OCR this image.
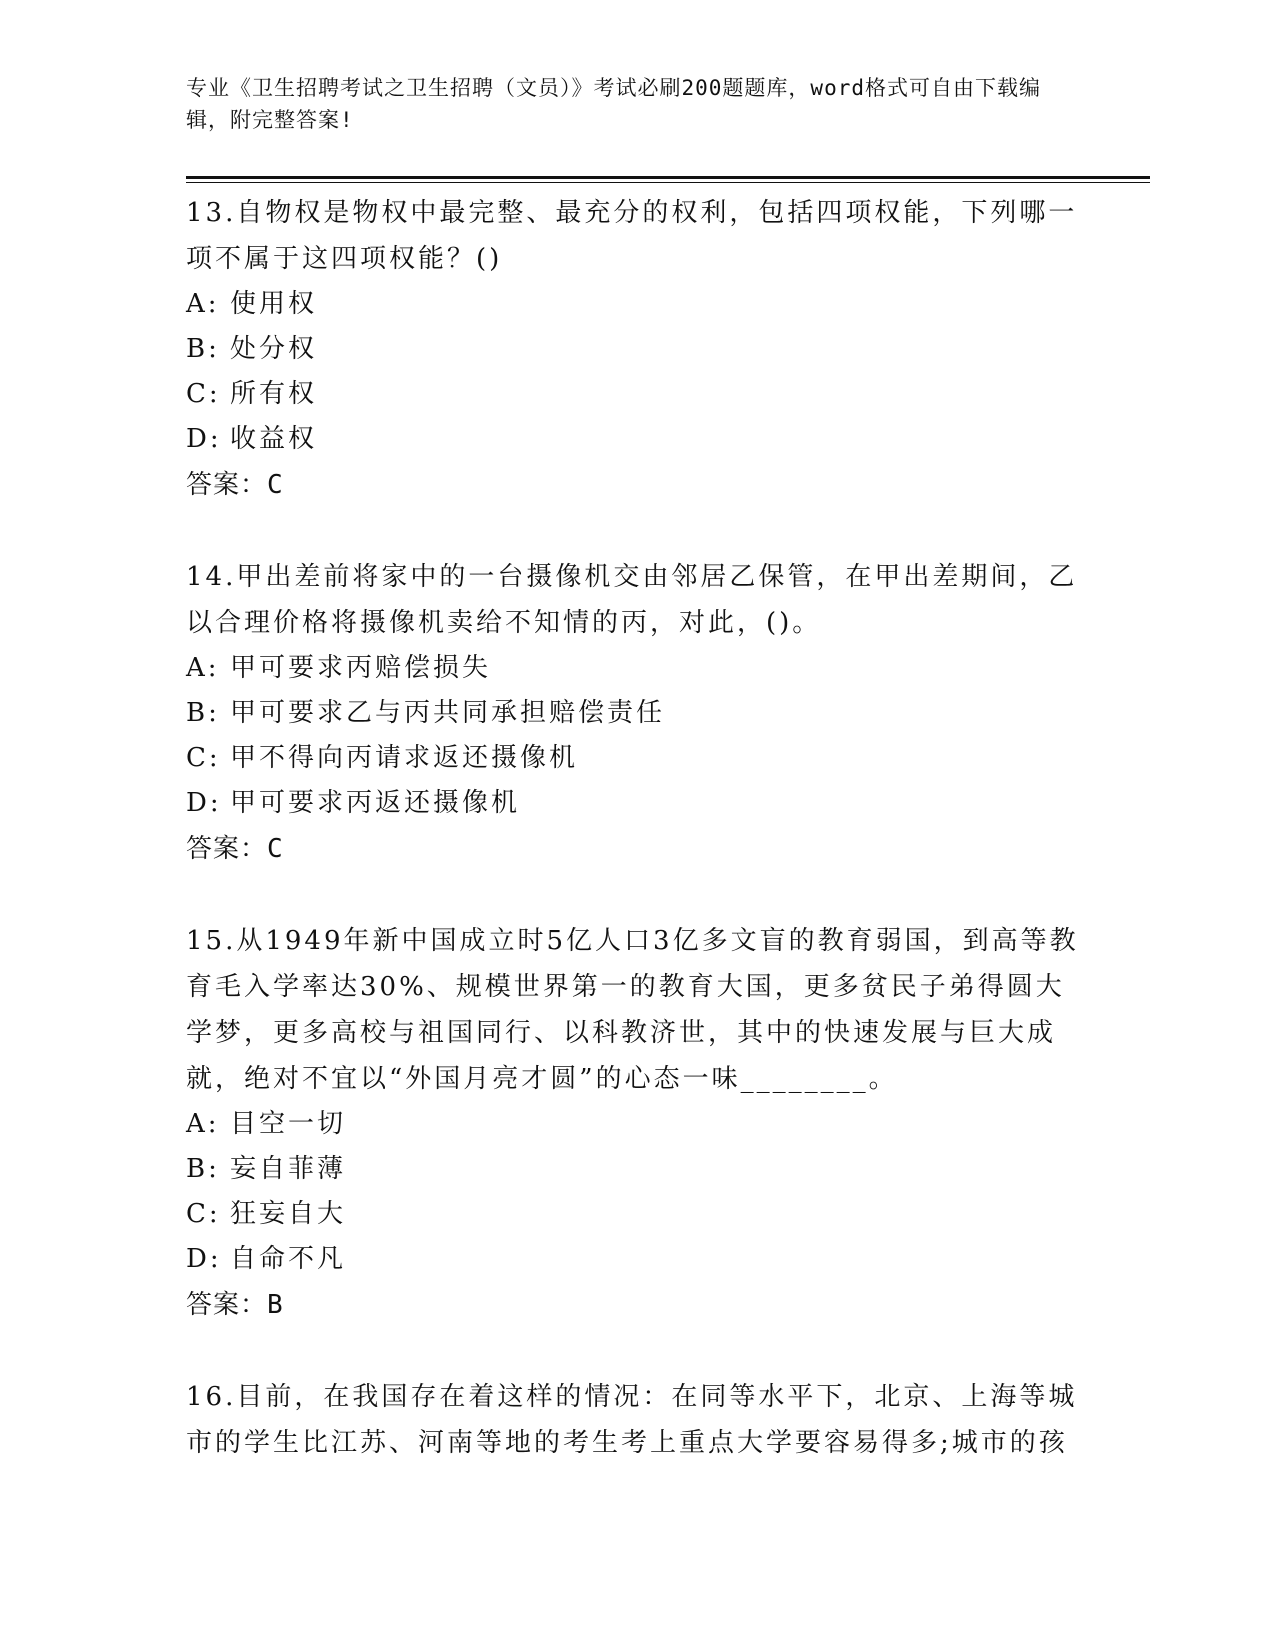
专业《卫生招聘考试之卫生招聘（文员）》考试必刷200题题库，word格式可自由下载编辑，附完整答案!

13.自物权是物权中最完整、最充分的权利，包括四项权能，下列哪一项不属于这四项权能？()

A: 使用权

B: 处分权

C: 所有权

D: 收益权

答案：C

14.甲出差前将家中的一台摄像机交由邻居乙保管，在甲出差期间，乙以合理价格将摄像机卖给不知情的丙，对此，()。

A: 甲可要求丙赔偿损失

B: 甲可要求乙与丙共同承担赔偿责任

C: 甲不得向丙请求返还摄像机

D: 甲可要求丙返还摄像机

答案：C

15.从1949年新中国成立时5亿人口3亿多文盲的教育弱国，到高等教育毛入学率达30%、规模世界第一的教育大国，更多贫民子弟得圆大学梦，更多高校与祖国同行、以科教济世，其中的快速发展与巨大成就，绝对不宜以“外国月亮才圆”的心态一味________。

A: 目空一切

B: 妄自菲薄

C: 狂妄自大

D: 自命不凡

答案：B

16.目前，在我国存在着这样的情况：在同等水平下，北京、上海等城市的学生比江苏、河南等地的考生考上重点大学要容易得多;城市的孩
